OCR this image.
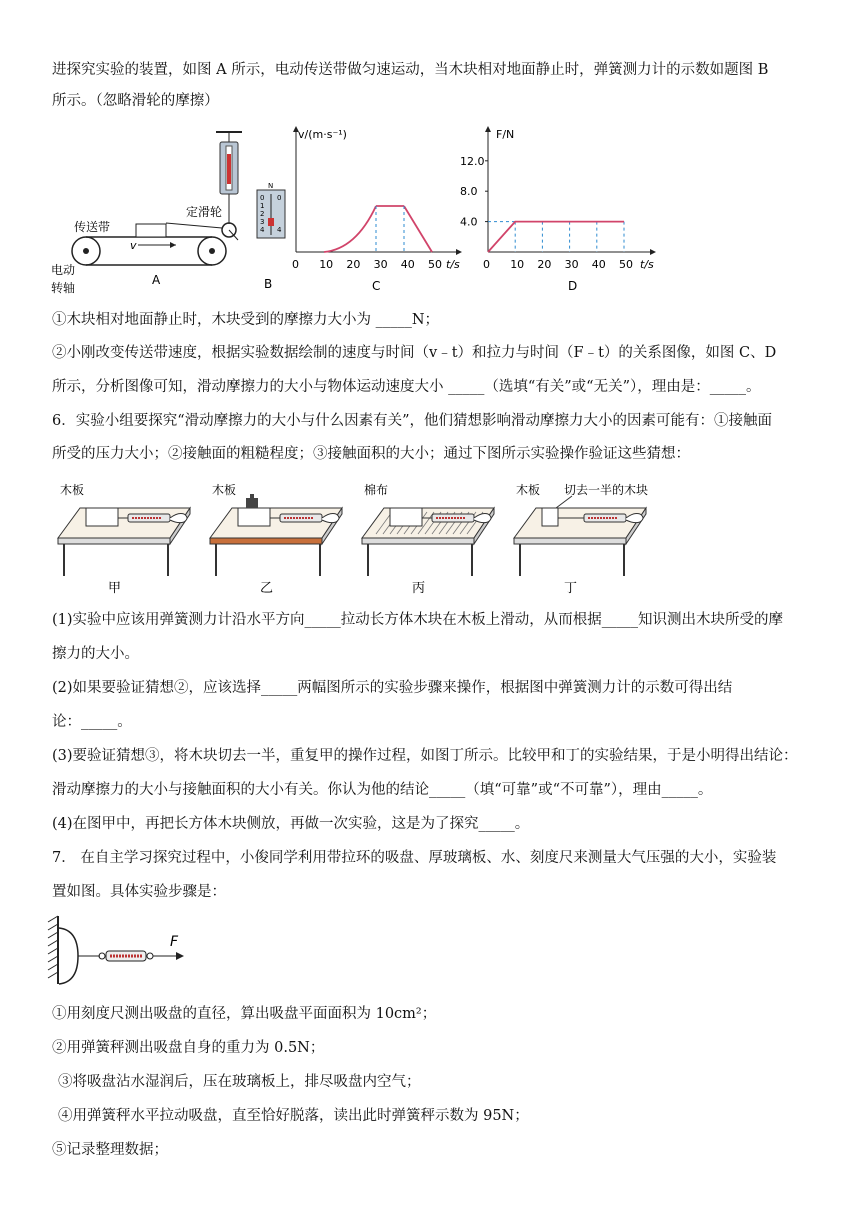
进探究实验的装置，如图 A 所示，电动传送带做匀速运动，当木块相对地面静止时，弹簧测力计的示数如题图 B
所示。（忽略滑轮的摩擦）
v
传送带
定滑轮
电动
转轴
A
N
0
1
2
3
4
0
4
B
v/(m·s⁻¹)
t/s
0 10 20 30 40 50
C
F/N
t/s
0 10 20 30 40 50
4.0
8.0
12.0
D
①木块相对地面静止时，木块受到的摩擦力大小为 _____N；
②小刚改变传送带速度，根据实验数据绘制的速度与时间（v﹣t）和拉力与时间（F﹣t）的关系图像，如图 C、D
所示，分析图像可知，滑动摩擦力的大小与物体运动速度大小 _____（选填“有关”或“无关”），理由是：_____。
6．实验小组要探究“滑动摩擦力的大小与什么因素有关”，他们猜想影响滑动摩擦力大小的因素可能有：①接触面
所受的压力大小；②接触面的粗糙程度；③接触面积的大小；通过下图所示实验操作验证这些猜想：
木板
甲
木板
乙
棉布
丙
木板 切去一半的木块
丁
(1)实验中应该用弹簧测力计沿水平方向_____拉动长方体木块在木板上滑动，从而根据_____知识测出木块所受的摩
擦力的大小。
(2)如果要验证猜想②，应该选择_____两幅图所示的实验步骤来操作，根据图中弹簧测力计的示数可得出结
论：_____。
(3)要验证猜想③，将木块切去一半，重复甲的操作过程，如图丁所示。比较甲和丁的实验结果，于是小明得出结论：
滑动摩擦力的大小与接触面积的大小有关。你认为他的结论_____（填“可靠”或“不可靠”），理由_____。
(4)在图甲中，再把长方体木块侧放，再做一次实验，这是为了探究_____。
7． 在自主学习探究过程中，小俊同学利用带拉环的吸盘、厚玻璃板、水、刻度尺来测量大气压强的大小，实验装
置如图。具体实验步骤是：
F
①用刻度尺测出吸盘的直径，算出吸盘平面面积为 10cm²；
②用弹簧秤测出吸盘自身的重力为 0.5N；
③将吸盘沾水湿润后，压在玻璃板上，排尽吸盘内空气；
④用弹簧秤水平拉动吸盘，直至恰好脱落，读出此时弹簧秤示数为 95N；
⑤记录整理数据；
